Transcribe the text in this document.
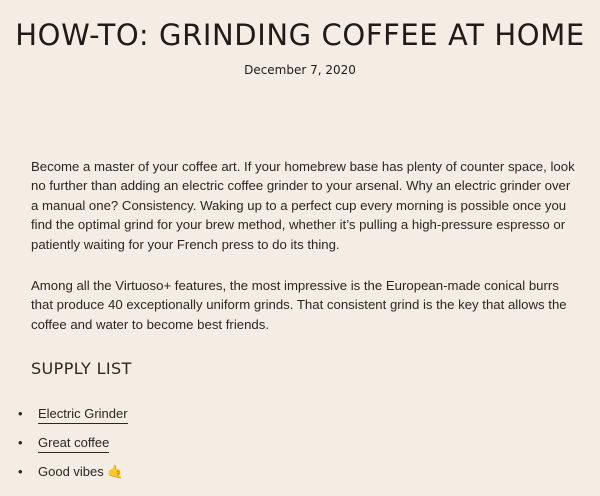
HOW-TO: GRINDING COFFEE AT HOME
December 7, 2020

Become a master of your coffee art. If your homebrew base has plenty of counter space, look no further than adding an electric coffee grinder to your arsenal. Why an electric grinder over a manual one? Consistency. Waking up to a perfect cup every morning is possible once you find the optimal grind for your brew method, whether it’s pulling a high-pressure espresso or patiently waiting for your French press to do its thing.

Among all the Virtuoso+ features, the most impressive is the European-made conical burrs that produce 40 exceptionally uniform grinds. That consistent grind is the key that allows the coffee and water to become best friends.

SUPPLY LIST
• Electric Grinder
• Great coffee
• Good vibes 🤙
